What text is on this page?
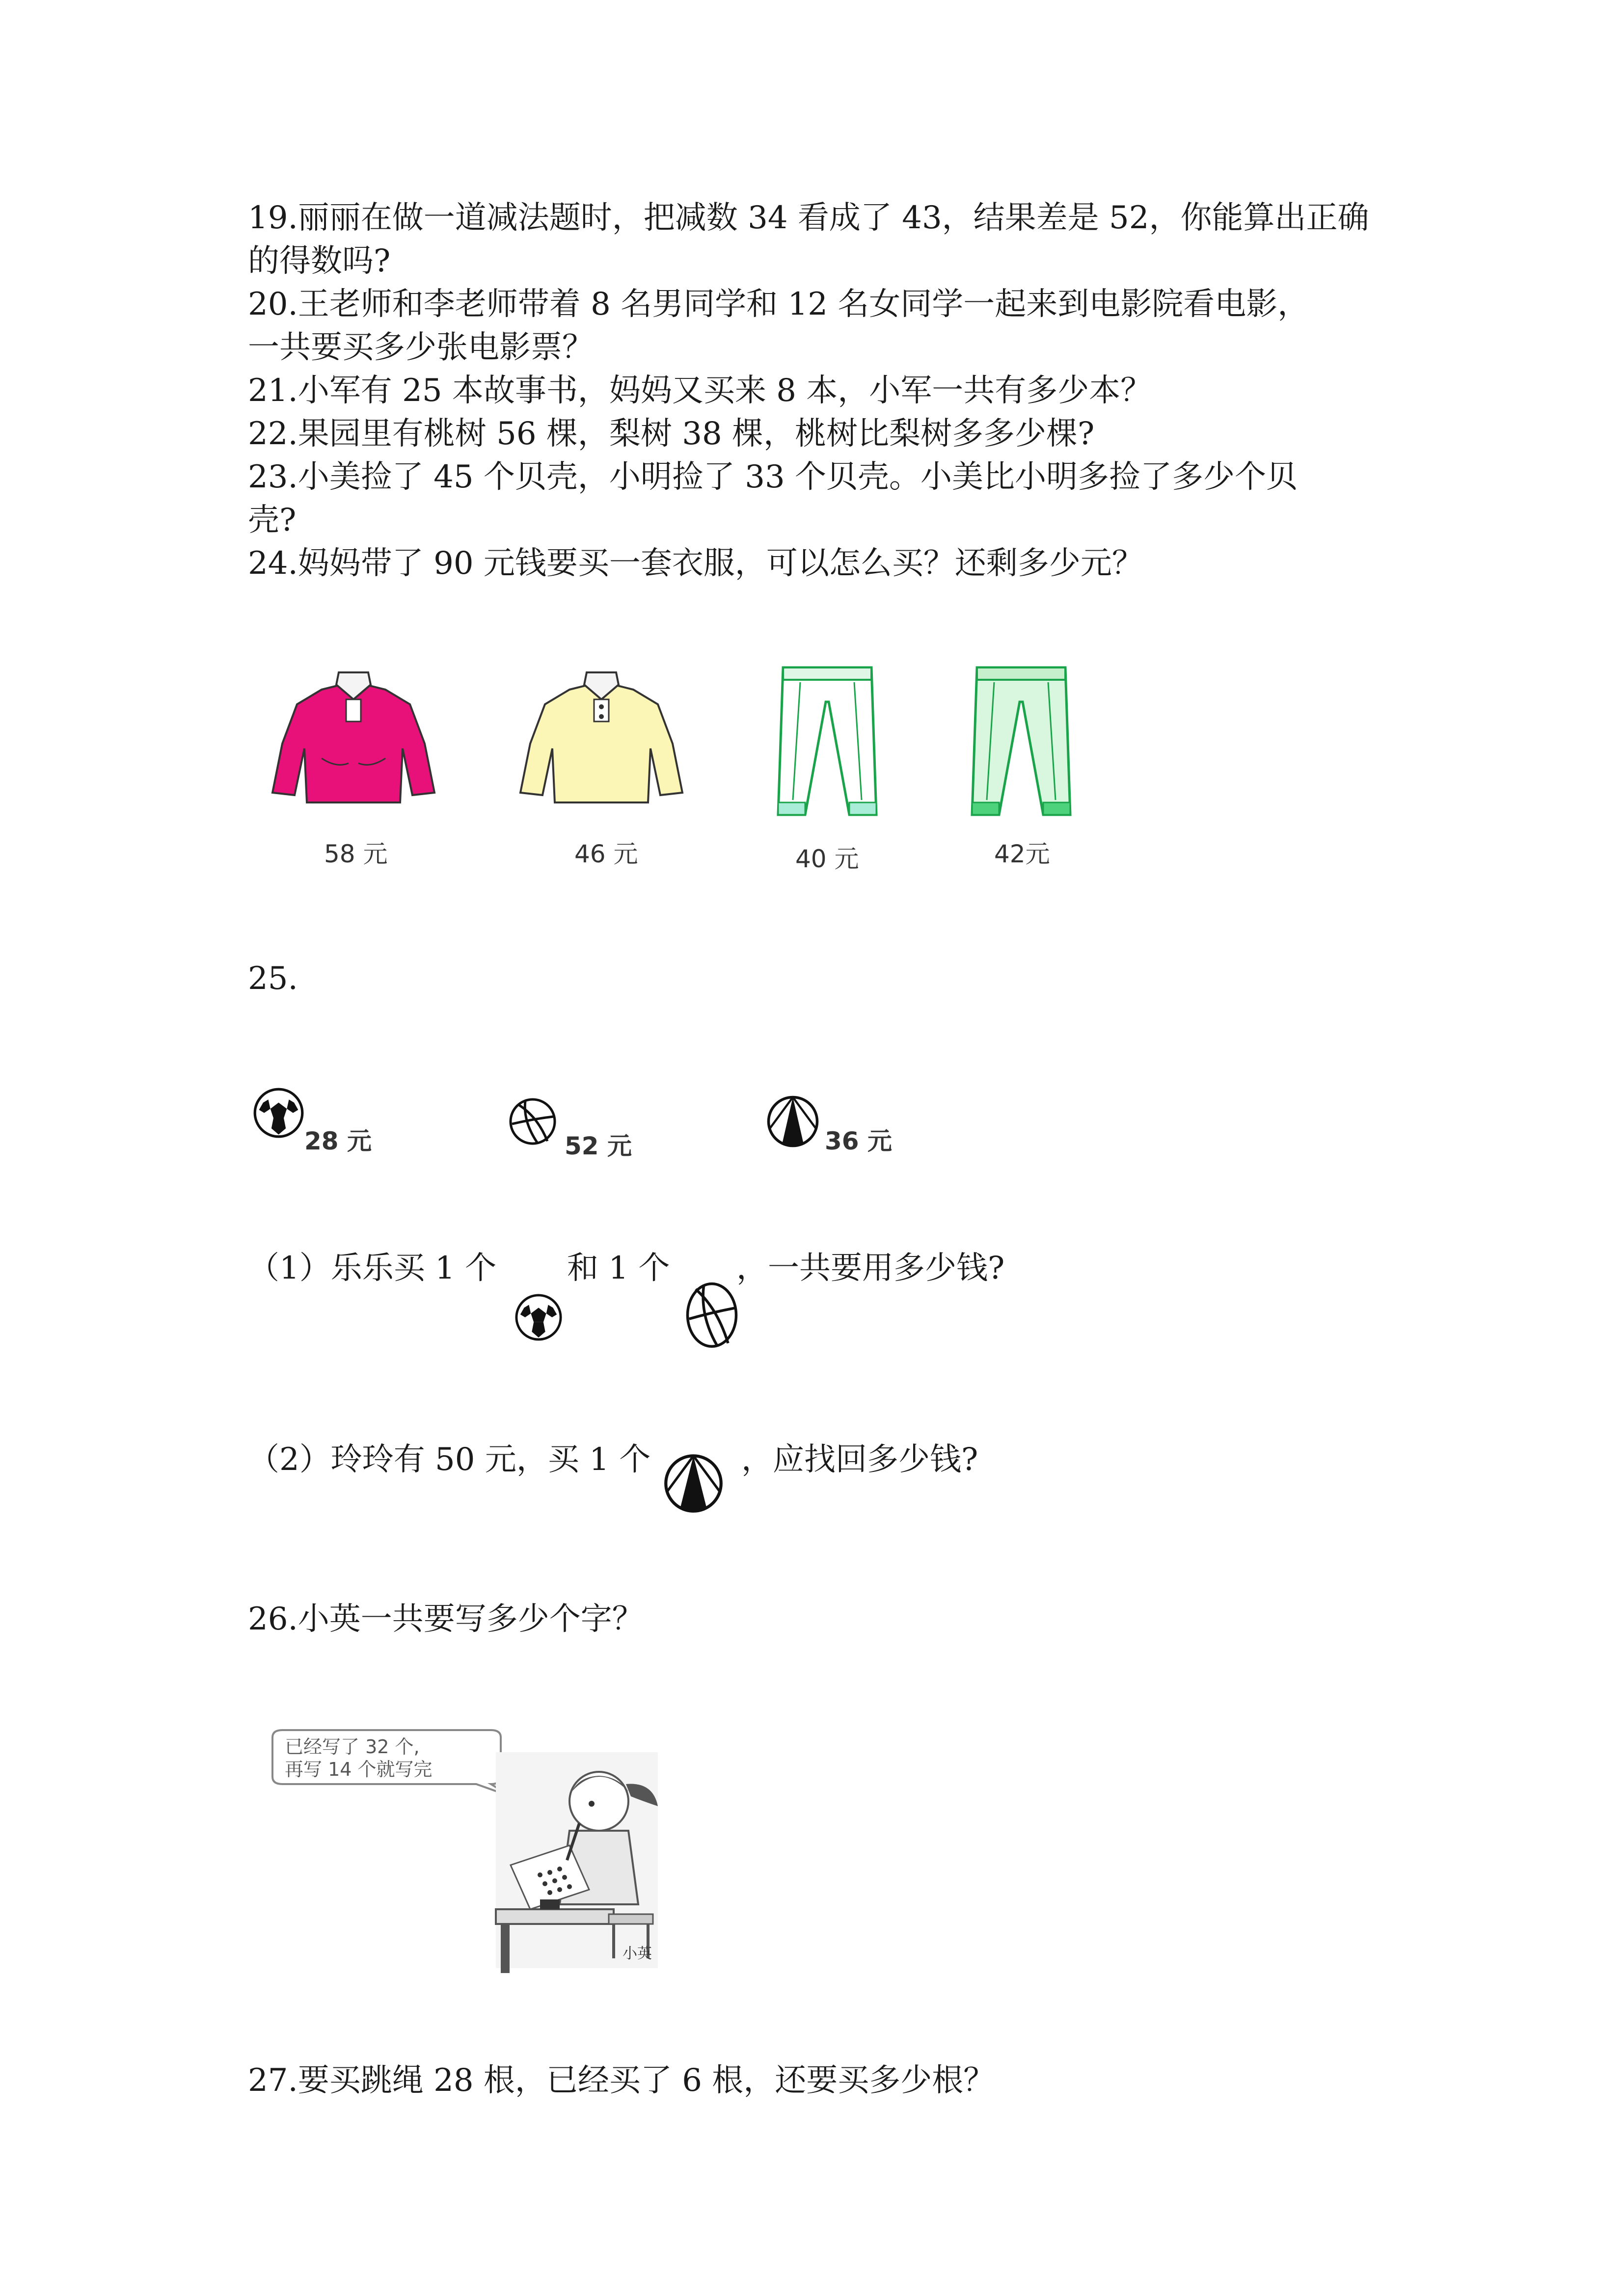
19.丽丽在做一道减法题时，把减数 34 看成了 43，结果差是 52，你能算出正确

的得数吗?

20.王老师和李老师带着 8 名男同学和 12 名女同学一起来到电影院看电影，

一共要买多少张电影票？

21.小军有 25 本故事书，妈妈又买来 8 本，小军一共有多少本？

22.果园里有桃树 56 棵，梨树 38 棵，桃树比梨树多多少棵?

23.小美捡了 45 个贝壳，小明捡了 33 个贝壳。小美比小明多捡了多少个贝

壳?

24.妈妈带了 90 元钱要买一套衣服，可以怎么买？还剩多少元？

58 元	46 元	40 元	42元

25.

28 元	52 元	36 元

（1）乐乐买 1 个 和 1 个 ，一共要用多少钱?

（2）玲玲有 50 元，买 1 个	，应找回多少钱?

26.小英一共要写多少个字？

已经写了 32 个,
再写 14 个就写完
小英

27.要买跳绳 28 根，已经买了 6 根，还要买多少根？
